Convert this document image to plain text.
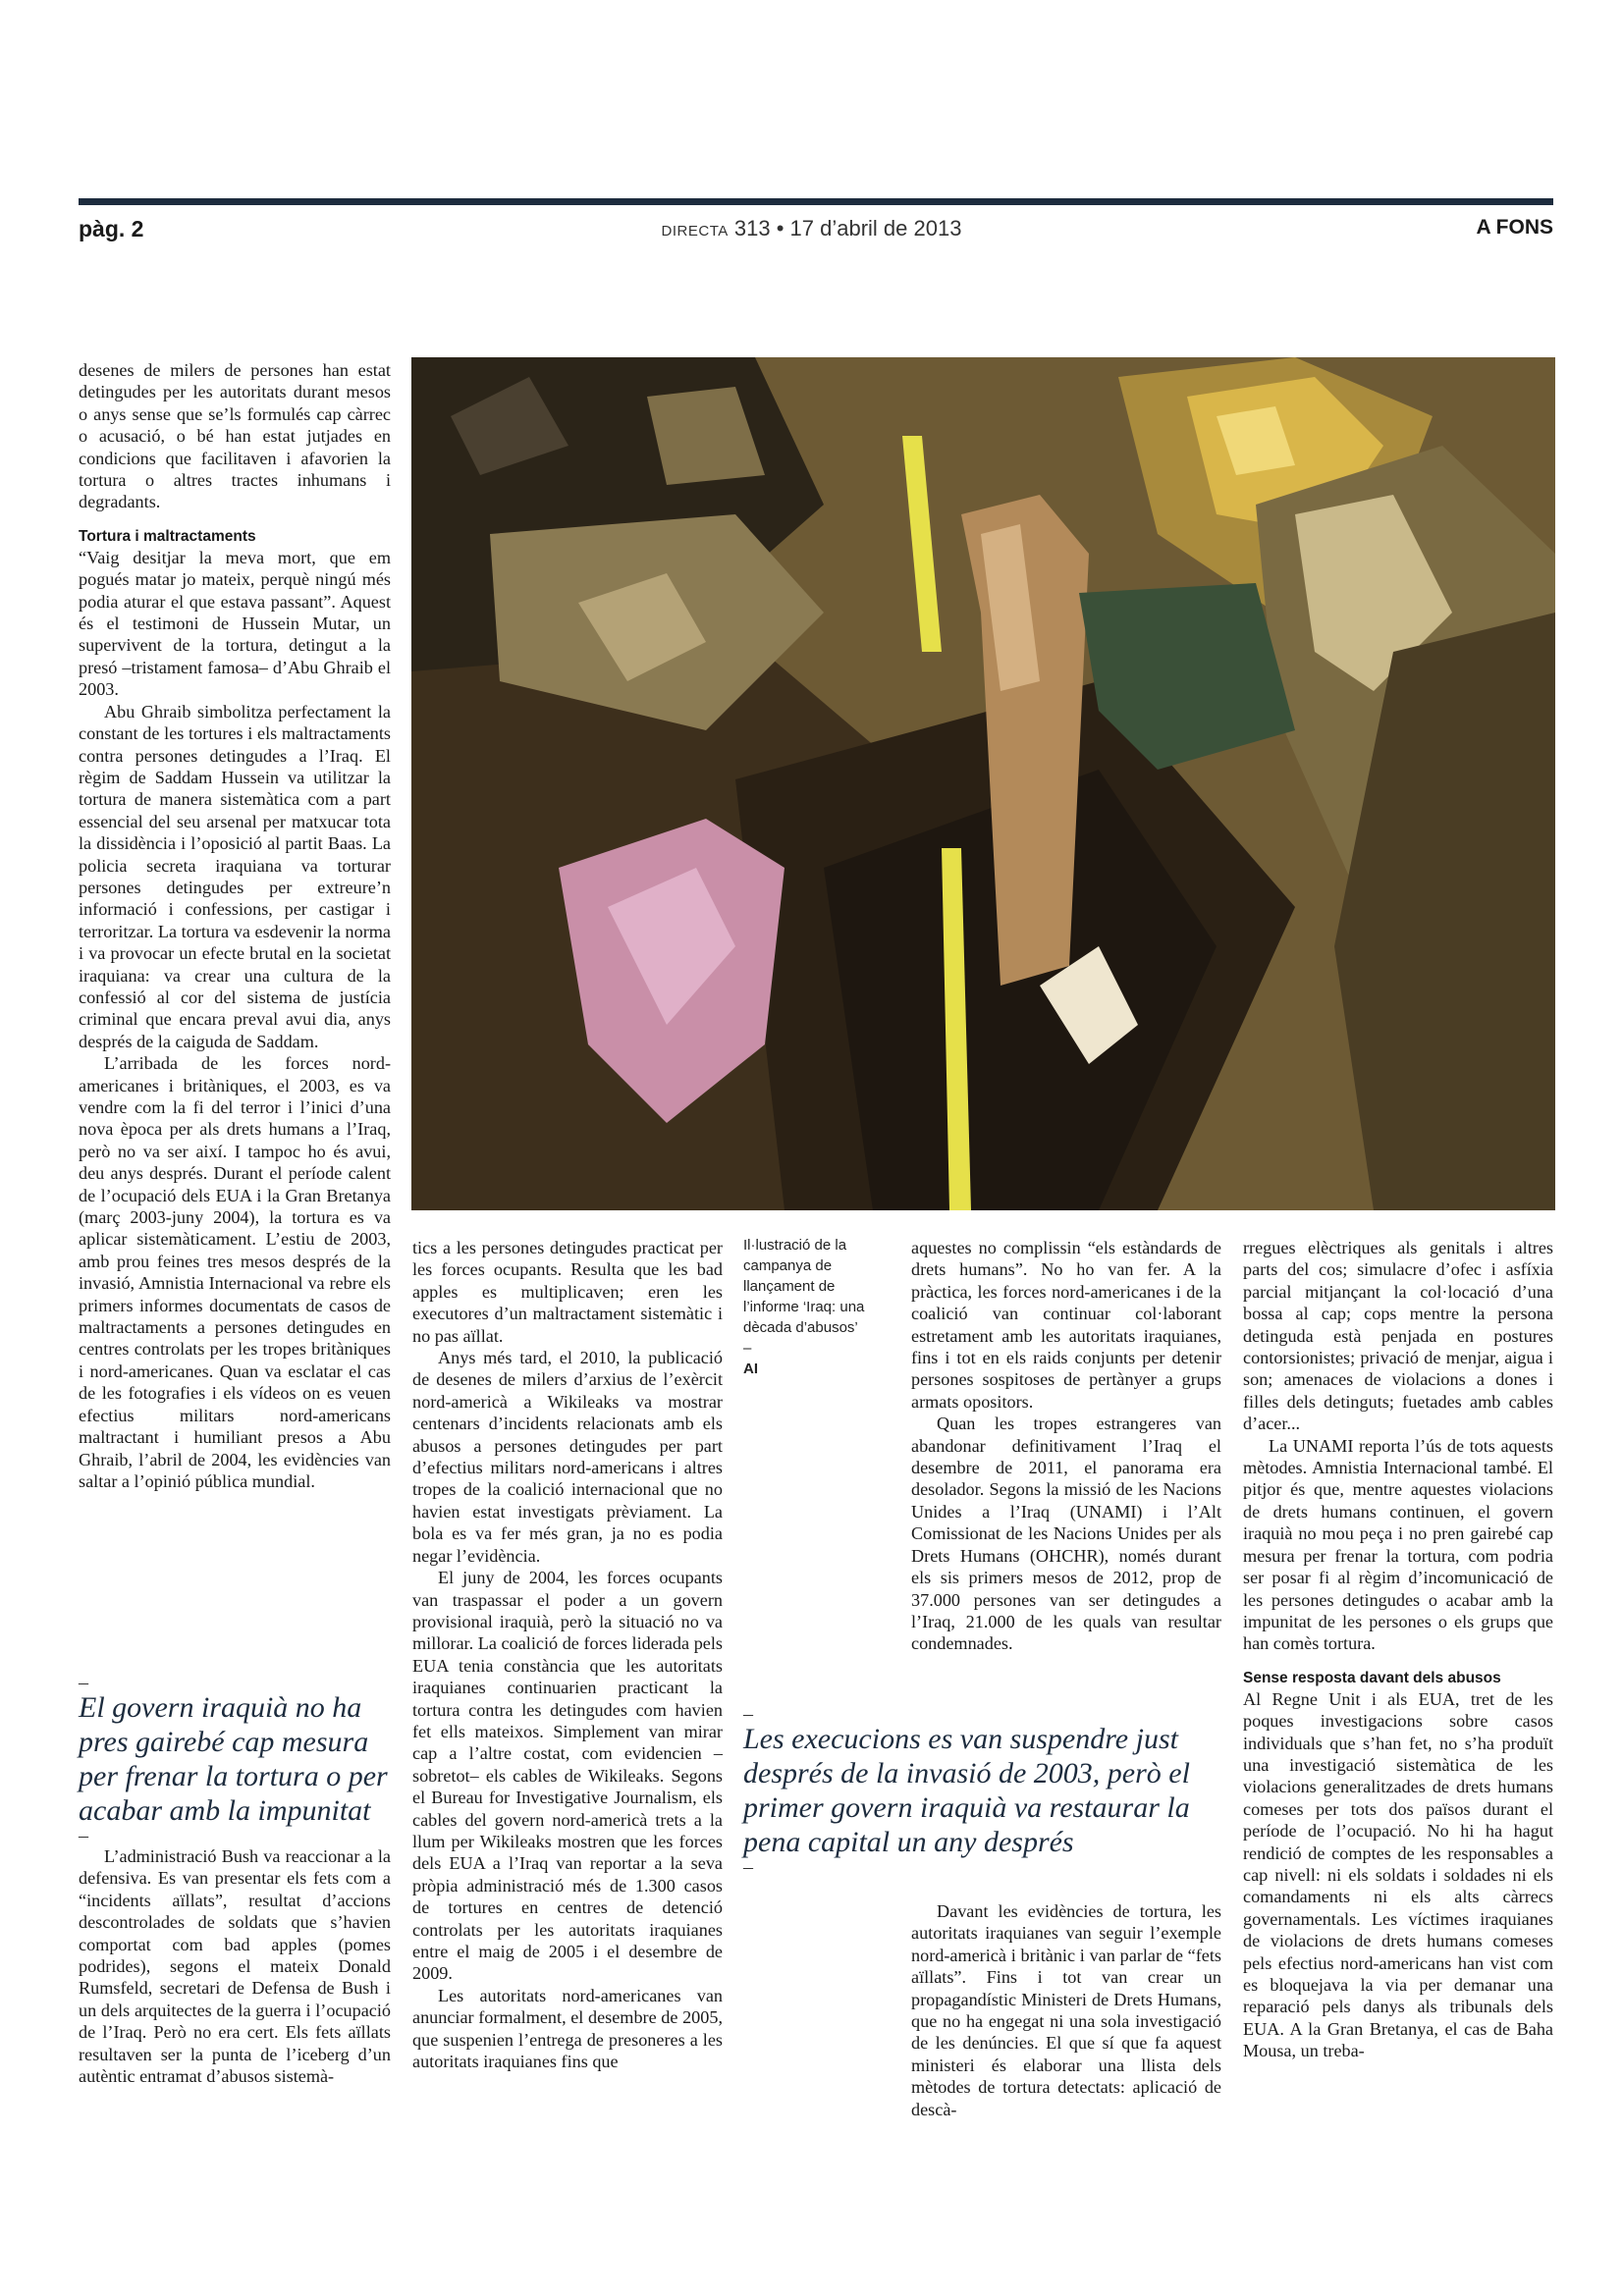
pàg. 2	DIRECTA 313 • 17 d’abril de 2013	A FONS

desenes de milers de persones han estat detingudes per les autoritats durant mesos o anys sense que se’ls formulés cap càrrec o acusació, o bé han estat jutjades en condicions que facilitaven i afavorien la tortura o altres tractes inhumans i degradants.

Tortura i maltractaments

“Vaig desitjar la meva mort, que em pogués matar jo mateix, perquè ningú més podia aturar el que estava passant”. Aquest és el testimoni de Hussein Mutar, un supervivent de la tortura, detingut a la presó –tristament famosa– d’Abu Ghraib el 2003.

Abu Ghraib simbolitza perfectament la constant de les tortures i els maltractaments contra persones detingudes a l’Iraq. El règim de Saddam Hussein va utilitzar la tortura de manera sistemàtica com a part essencial del seu arsenal per matxucar tota la dissidència i l’oposició al partit Baas. La policia secreta iraquiana va torturar persones detingudes per extreure’n informació i confessions, per castigar i terroritzar. La tortura va esdevenir la norma i va provocar un efecte brutal en la societat iraquiana: va crear una cultura de la confessió al cor del sistema de justícia criminal que encara preval avui dia, anys després de la caiguda de Saddam.

L’arribada de les forces nord-americanes i britàniques, el 2003, es va vendre com la fi del terror i l’inici d’una nova època per als drets humans a l’Iraq, però no va ser així. I tampoc ho és avui, deu anys després. Durant el període calent de l’ocupació dels EUA i la Gran Bretanya (març 2003-juny 2004), la tortura es va aplicar sistemàticament. L’estiu de 2003, amb prou feines tres mesos després de la invasió, Amnistia Internacional va rebre els primers informes documentats de casos de maltractaments a persones detingudes en centres controlats per les tropes britàniques i nord-americanes. Quan va esclatar el cas de les fotografies i els vídeos on es veuen efectius militars nord-americans maltractant i humiliant presos a Abu Ghraib, l’abril de 2004, les evidències van saltar a l’opinió pública mundial.

–
El govern iraquià no ha pres gairebé cap mesura per frenar la tortura o per acabar amb la impunitat
–

L’administració Bush va reaccionar a la defensiva. Es van presentar els fets com a “incidents aïllats”, resultat d’accions descontrolades de soldats que s’havien comportat com bad apples (pomes podrides), segons el mateix Donald Rumsfeld, secretari de Defensa de Bush i un dels arquitectes de la guerra i l’ocupació de l’Iraq. Però no era cert. Els fets aïllats resultaven ser la punta de l’iceberg d’un autèntic entramat d’abusos sistemà-

tics a les persones detingudes practicat per les forces ocupants. Resulta que les bad apples es multiplicaven; eren les executores d’un maltractament sistemàtic i no pas aïllat.

Anys més tard, el 2010, la publicació de desenes de milers d’arxius de l’exèrcit nord-americà a Wikileaks va mostrar centenars d’incidents relacionats amb els abusos a persones detingudes per part d’efectius militars nord-americans i altres tropes de la coalició internacional que no havien estat investigats prèviament. La bola es va fer més gran, ja no es podia negar l’evidència.

El juny de 2004, les forces ocupants van traspassar el poder a un govern provisional iraquià, però la situació no va millorar. La coalició de forces liderada pels EUA tenia constància que les autoritats iraquianes continuarien practicant la tortura contra les detingudes com havien fet ells mateixos. Simplement van mirar cap a l’altre costat, com evidencien –sobretot– els cables de Wikileaks. Segons el Bureau for Investigative Journalism, els cables del govern nord-americà trets a la llum per Wikileaks mostren que les forces dels EUA a l’Iraq van reportar a la seva pròpia administració més de 1.300 casos de tortures en centres de detenció controlats per les autoritats iraquianes entre el maig de 2005 i el desembre de 2009.

Les autoritats nord-americanes van anunciar formalment, el desembre de 2005, que suspenien l’entrega de presoneres a les autoritats iraquianes fins que

Il·lustració de la campanya de llançament de l’informe ‘Iraq: una dècada d’abusos’
–
AI

aquestes no complissin “els estàndards de drets humans”. No ho van fer. A la pràctica, les forces nord-americanes i de la coalició van continuar col·laborant estretament amb les autoritats iraquianes, fins i tot en els raids conjunts per detenir persones sospitoses de pertànyer a grups armats opositors.

Quan les tropes estrangeres van abandonar definitivament l’Iraq el desembre de 2011, el panorama era desolador. Segons la missió de les Nacions Unides a l’Iraq (UNAMI) i l’Alt Comissionat de les Nacions Unides per als Drets Humans (OHCHR), només durant els sis primers mesos de 2012, prop de 37.000 persones van ser detingudes a l’Iraq, 21.000 de les quals van resultar condemnades.

–
Les execucions es van suspendre just després de la invasió de 2003, però el primer govern iraquià va restaurar la pena capital un any després
–

Davant les evidències de tortura, les autoritats iraquianes van seguir l’exemple nord-americà i britànic i van parlar de “fets aïllats”. Fins i tot van crear un propagandístic Ministeri de Drets Humans, que no ha engegat ni una sola investigació de les denúncies. El que sí que fa aquest ministeri és elaborar una llista dels mètodes de tortura detectats: aplicació de descà-

rregues elèctriques als genitals i altres parts del cos; simulacre d’ofec i asfíxia parcial mitjançant la col·locació d’una bossa al cap; cops mentre la persona detinguda està penjada en postures contorsionistes; privació de menjar, aigua i son; amenaces de violacions a dones i filles dels detinguts; fuetades amb cables d’acer...

La UNAMI reporta l’ús de tots aquests mètodes. Amnistia Internacional també. El pitjor és que, mentre aquestes violacions de drets humans continuen, el govern iraquià no mou peça i no pren gairebé cap mesura per frenar la tortura, com podria ser posar fi al règim d’incomunicació de les persones detingudes o acabar amb la impunitat de les persones o els grups que han comès tortura.

Sense resposta davant dels abusos

Al Regne Unit i als EUA, tret de les poques investigacions sobre casos individuals que s’han fet, no s’ha produït una investigació sistemàtica de les violacions generalitzades de drets humans comeses per tots dos països durant el període de l’ocupació. No hi ha hagut rendició de comptes de les responsables a cap nivell: ni els soldats i soldades ni els comandaments ni els alts càrrecs governamentals. Les víctimes iraquianes de violacions de drets humans comeses pels efectius nord-americans han vist com es bloquejava la via per demanar una reparació pels danys als tribunals dels EUA. A la Gran Bretanya, el cas de Baha Mousa, un treba-
